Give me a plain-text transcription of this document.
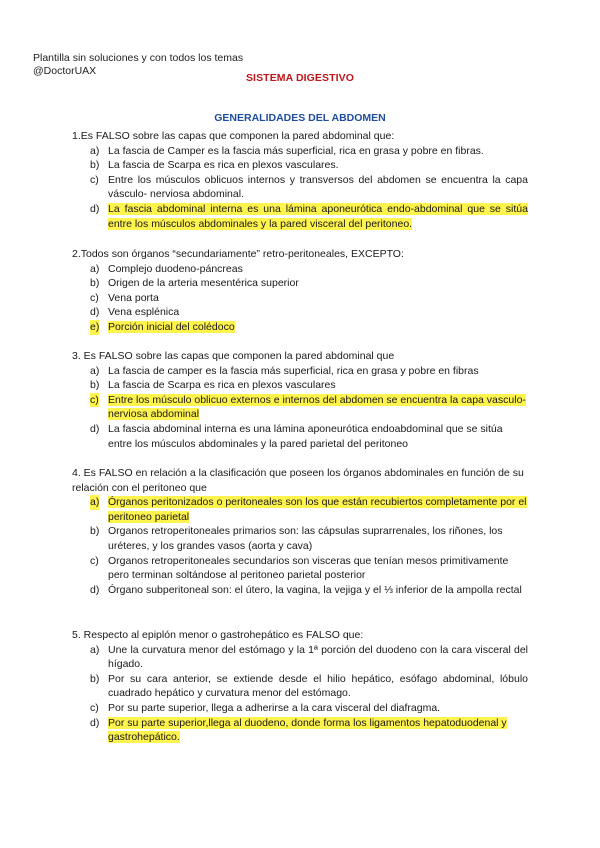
Plantilla sin soluciones y con todos los temas
@DoctorUAX
SISTEMA DIGESTIVO
GENERALIDADES DEL ABDOMEN

1.Es FALSO sobre las capas que componen la pared abdominal que:

a) La fascia de Camper es la fascia más superficial, rica en grasa y pobre en fibras.
b) La fascia de Scarpa es rica en plexos vasculares.
c) Entre los músculos oblicuos internos y transversos del abdomen se encuentra la capa vásculo- nerviosa abdominal.
d) La fascia abdominal interna es una lámina aponeurótica endo-abdominal que se sitúa entre los músculos abdominales y la pared visceral del peritoneo.

2.Todos son órganos “secundariamente” retro-peritoneales, EXCEPTO:

a) Complejo duodeno-páncreas
b) Origen de la arteria mesentérica superior
c) Vena porta
d) Vena esplénica
e) Porción inicial del colédoco

3. Es FALSO sobre las capas que componen la pared abdominal que

a) La fascia de camper es la fascia más superficial, rica en grasa y pobre en fibras
b) La fascia de Scarpa es rica en plexos vasculares
c) Entre los músculo oblicuo externos e internos del abdomen se encuentra la capa vasculo-nerviosa abdominal
d) La fascia abdominal interna es una lámina aponeurótica endoabdominal que se sitúa entre los músculos abdominales y la pared parietal del peritoneo

4. Es FALSO en relación a la clasificación que poseen los órganos abdominales en función de su relación con el peritoneo que

a) Órganos peritonizados o peritoneales son los que están recubiertos completamente por el peritoneo parietal
b) Organos retroperitoneales primarios son: las cápsulas suprarrenales, los riñones, los uréteres, y los grandes vasos (aorta y cava)
c) Organos retroperitoneales secundarios son visceras que tenían mesos primitivamente pero terminan soltándose al peritoneo parietal posterior
d) Órgano subperitoneal son: el útero, la vagina, la vejiga y el ⅓ inferior de la ampolla rectal

5. Respecto al epiplón menor o gastrohepático es FALSO que:

a) Une la curvatura menor del estómago y la 1ª porción del duodeno con la cara visceral del hígado.
b) Por su cara anterior, se extiende desde el hilio hepático, esófago abdominal, lóbulo cuadrado hepático y curvatura menor del estómago.
c) Por su parte superior, llega a adherirse a la cara visceral del diafragma.
d) Por su parte superior,llega al duodeno, donde forma los ligamentos hepatoduodenal y gastrohepático.
